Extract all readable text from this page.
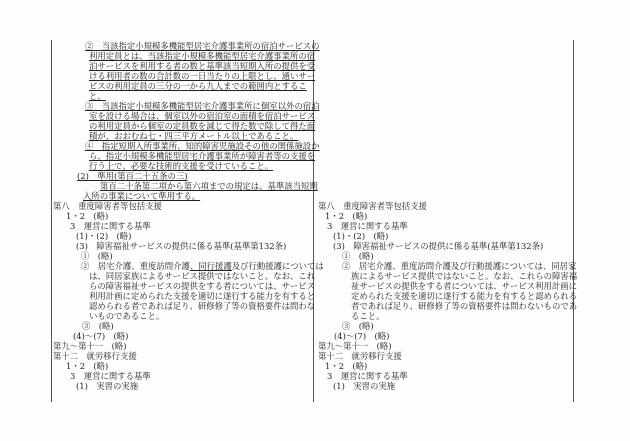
②　当該指定小規模多機能型居宅介護事業所の宿泊サービスの
利用定員とは、当該指定小規模多機能型居宅介護事業所の宿
泊サービスを利用する者の数と基準該当短期入所の提供を受
ける利用者の数の合計数の一日当たりの上限とし、通いサー
ビスの利用定員の三分の一から九人までの範囲内とするこ
と。
③　当該指定小規模多機能型居宅介護事業所に個室以外の宿泊
室を設ける場合は、個室以外の宿泊室の面積を宿泊サービス
の利用定員から個室の定員数を減じて得た数で除して得た面
積が、おおむね七・四三平方メートル以上であること。
④　指定短期入所事業所、知的障害児施設その他の関係施設か
ら、指定小規模多機能型居宅介護事業所が障害者等の支援を
行う上で、必要な技術的支援を受けていること。
(2)　準用(第百二十五条の三)
第百二十条第二項から第六項までの規定は、基準該当短期
入所の事業について準用する。
第八　重度障害者等包括支援
1・2　(略)
3　運営に関する基準
(1)・(2)　(略)
(3)　障害福祉サービスの提供に係る基準(基準第132条)
①　(略)
②　居宅介護、重度訪問介護、同行援護及び行動援護については
は、同居家族によるサービス提供ではないこと。なお、これ
らの障害福祉サービスの提供をする者については、サービス
利用計画に定められた支援を適切に遂行する能力を有すると
認められる者であれば足り、研修修了等の資格要件は問わな
いものであること。
③　(略)
(4)～(7)　(略)
第九～第十一　(略)
第十二　就労移行支援
1・2　(略)
3　運営に関する基準
(1)　実習の実施
第八　重度障害者等包括支援
1・2　(略)
3　運営に関する基準
(1)・(2)　(略)
(3)　障害福祉サービスの提供に係る基準(基準第132条)
①　(略)
②　居宅介護、重度訪問介護及び行動援護については、同居家
族によるサービス提供ではないこと。なお、これらの障害福
祉サービスの提供をする者については、サービス利用計画に
定められた支援を適切に遂行する能力を有すると認められる
者であれば足り、研修修了等の資格要件は問わないものであ
ること。
③　(略)
(4)～(7)　(略)
第九～第十一　(略)
第十二　就労移行支援
1・2　(略)
3　運営に関する基準
(1)　実習の実施
